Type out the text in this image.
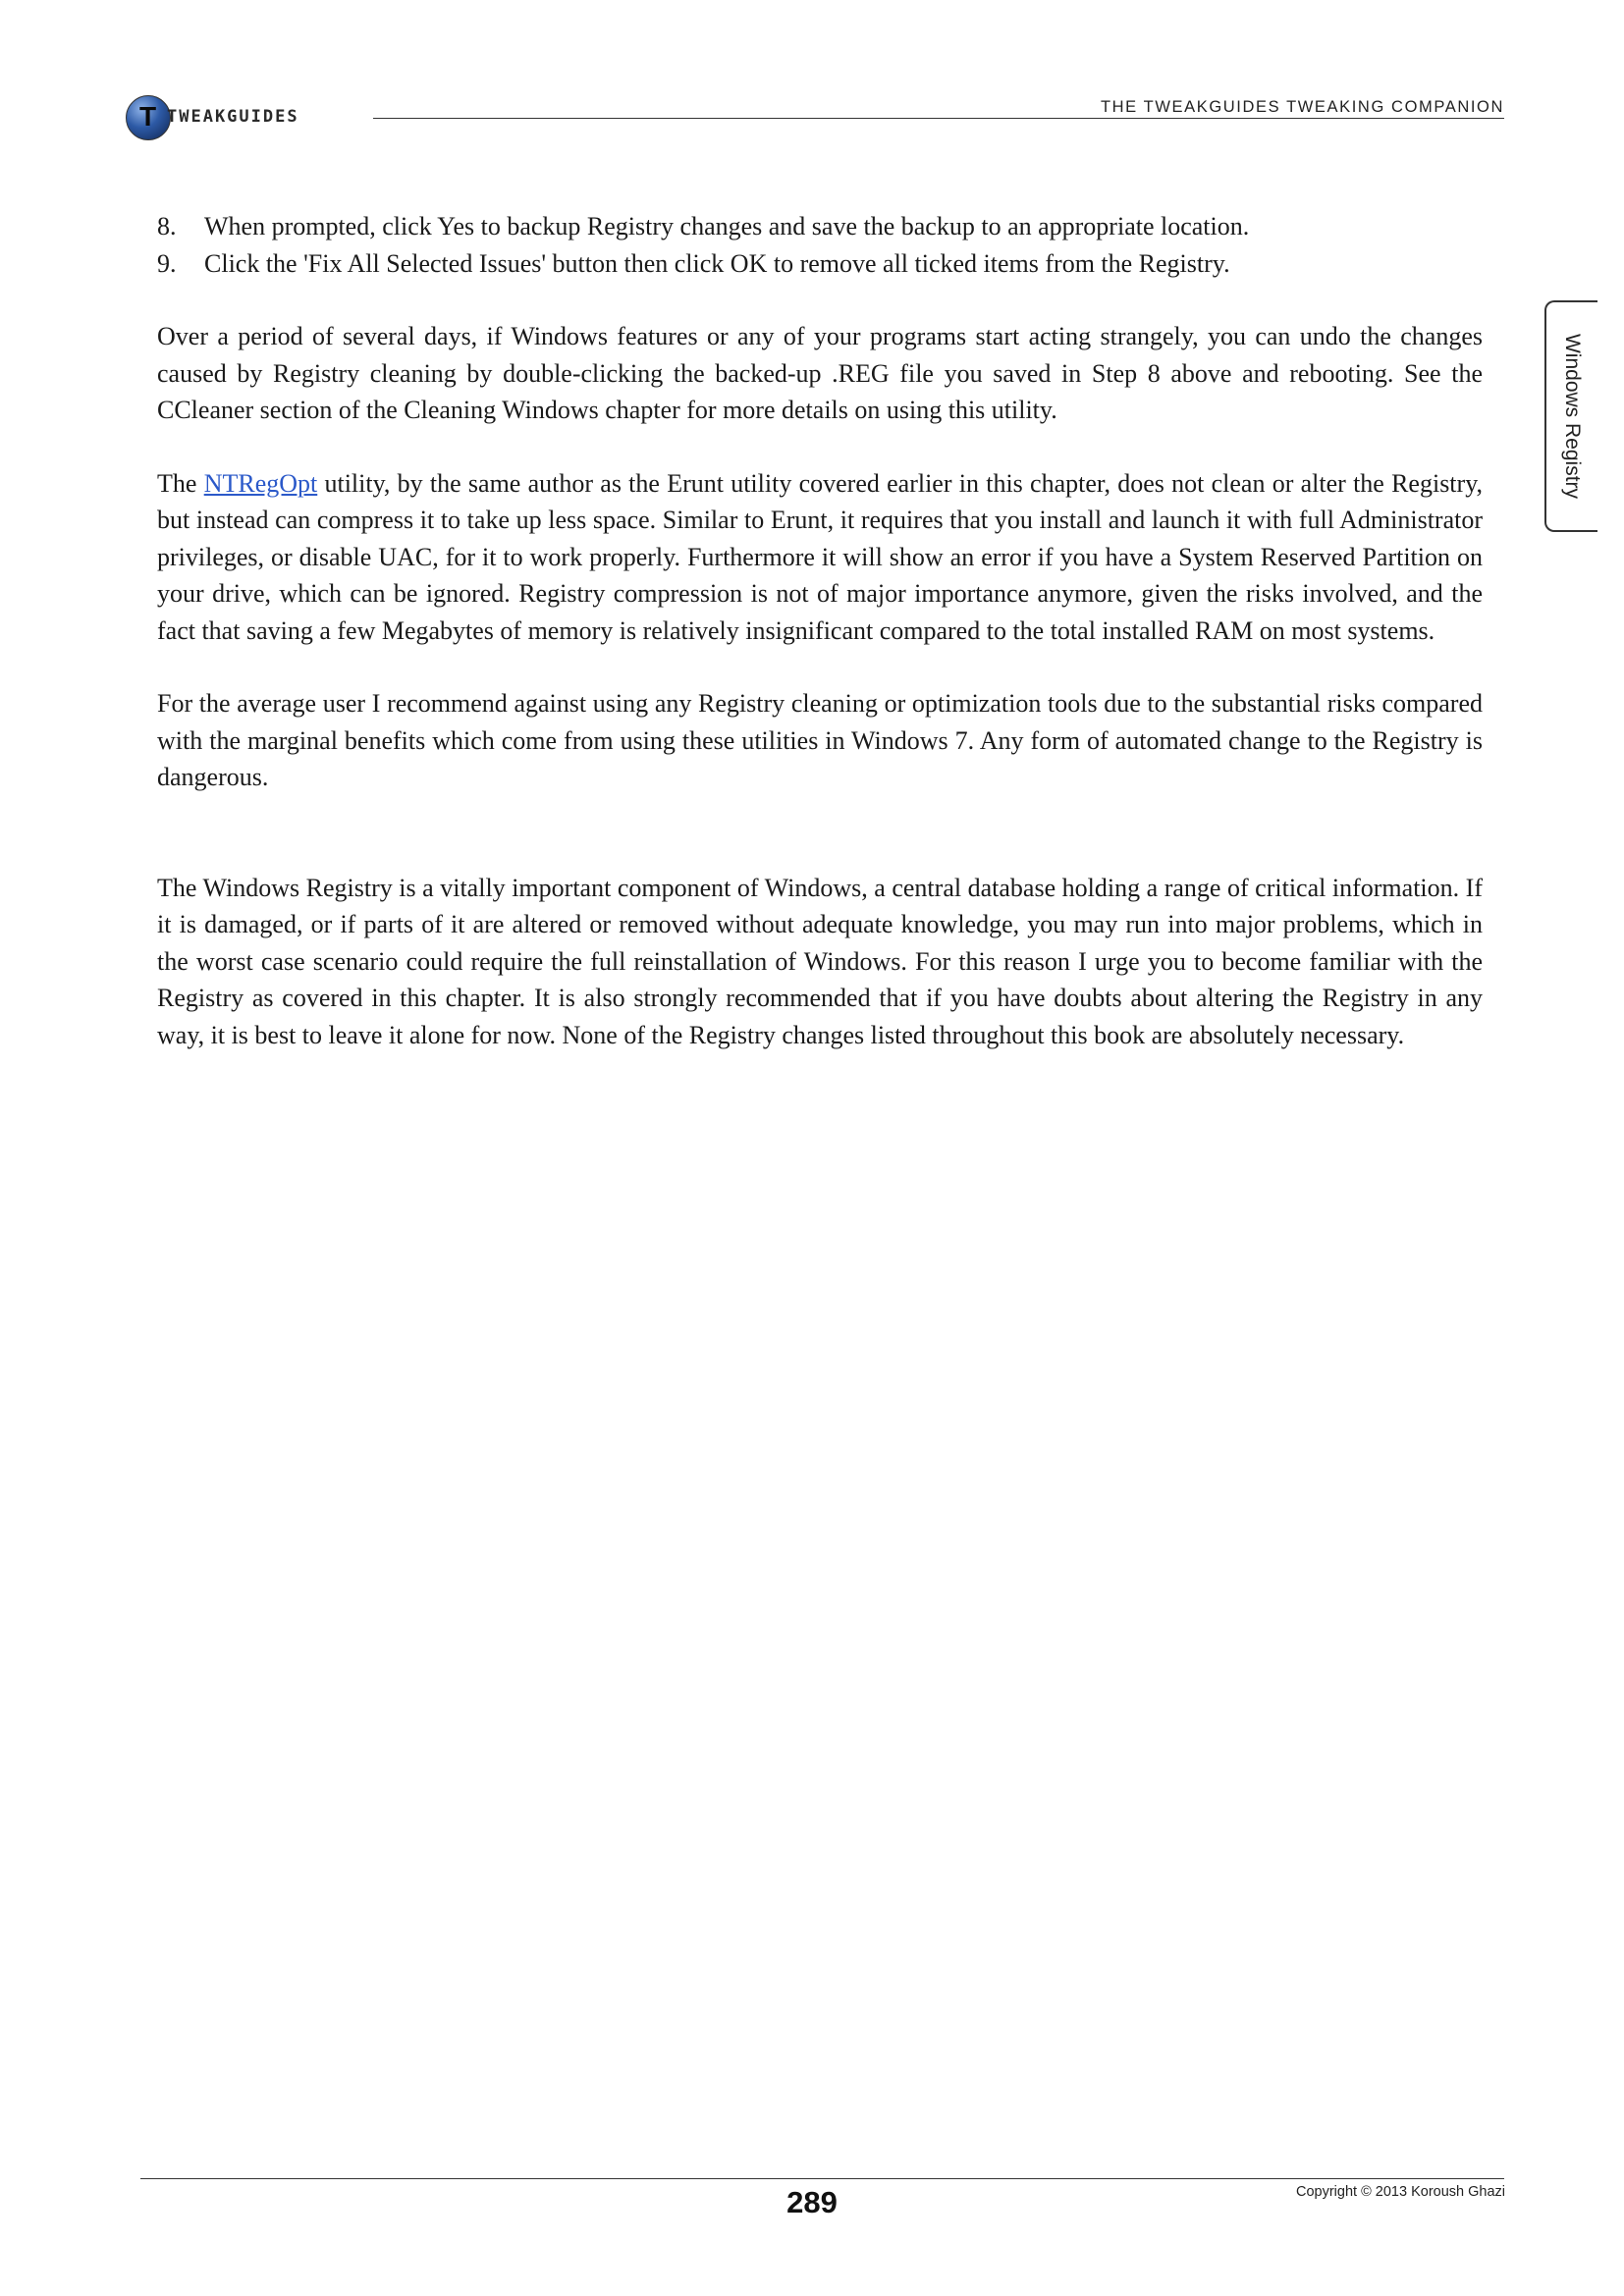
T TWEAKGUIDES	THE TWEAKGUIDES TWEAKING COMPANION
Windows Registry
8. When prompted, click Yes to backup Registry changes and save the backup to an appropriate location.
9. Click the 'Fix All Selected Issues' button then click OK to remove all ticked items from the Registry.

Over a period of several days, if Windows features or any of your programs start acting strangely, you can undo the changes caused by Registry cleaning by double-clicking the backed-up .REG file you saved in Step 8 above and rebooting. See the CCleaner section of the Cleaning Windows chapter for more details on using this utility.

The NTRegOpt utility, by the same author as the Erunt utility covered earlier in this chapter, does not clean or alter the Registry, but instead can compress it to take up less space. Similar to Erunt, it requires that you install and launch it with full Administrator privileges, or disable UAC, for it to work properly. Furthermore it will show an error if you have a System Reserved Partition on your drive, which can be ignored. Registry compression is not of major importance anymore, given the risks involved, and the fact that saving a few Megabytes of memory is relatively insignificant compared to the total installed RAM on most systems.

For the average user I recommend against using any Registry cleaning or optimization tools due to the substantial risks compared with the marginal benefits which come from using these utilities in Windows 7. Any form of automated change to the Registry is dangerous.

The Windows Registry is a vitally important component of Windows, a central database holding a range of critical information. If it is damaged, or if parts of it are altered or removed without adequate knowledge, you may run into major problems, which in the worst case scenario could require the full reinstallation of Windows. For this reason I urge you to become familiar with the Registry as covered in this chapter. It is also strongly recommended that if you have doubts about altering the Registry in any way, it is best to leave it alone for now. None of the Registry changes listed throughout this book are absolutely necessary.

289	Copyright © 2013 Koroush Ghazi
